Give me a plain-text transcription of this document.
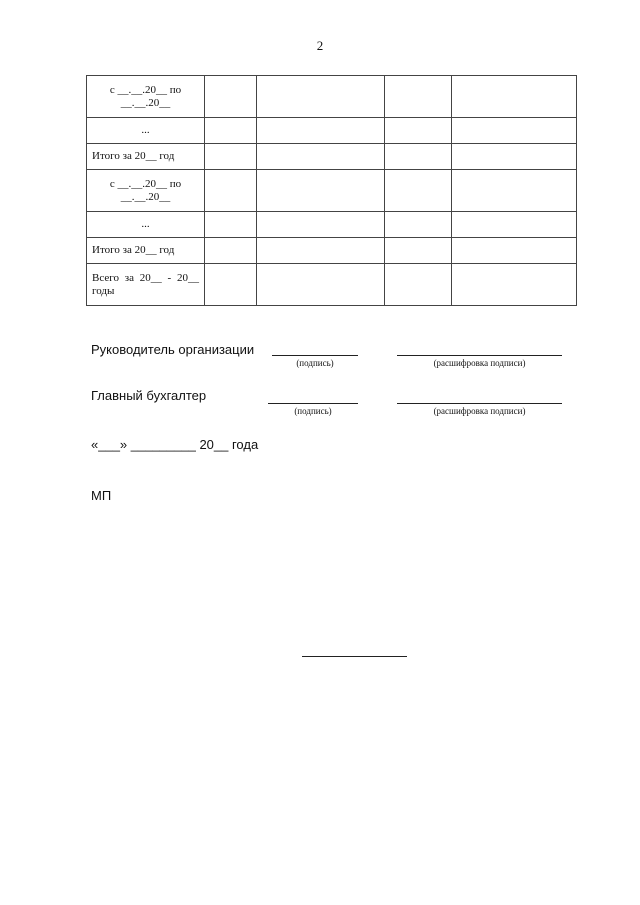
2
с __.__.20__ по __.__.20__				
...				
Итого за 20__ год				
с __.__.20__ по __.__.20__				
...				
Итого за 20__ год				
Всего за 20__ - 20__ годы				
Руководитель организации
(подпись)	(расшифровка подписи)
Главный бухгалтер
(подпись)	(расшифровка подписи)
«___» _________ 20__ года
МП
